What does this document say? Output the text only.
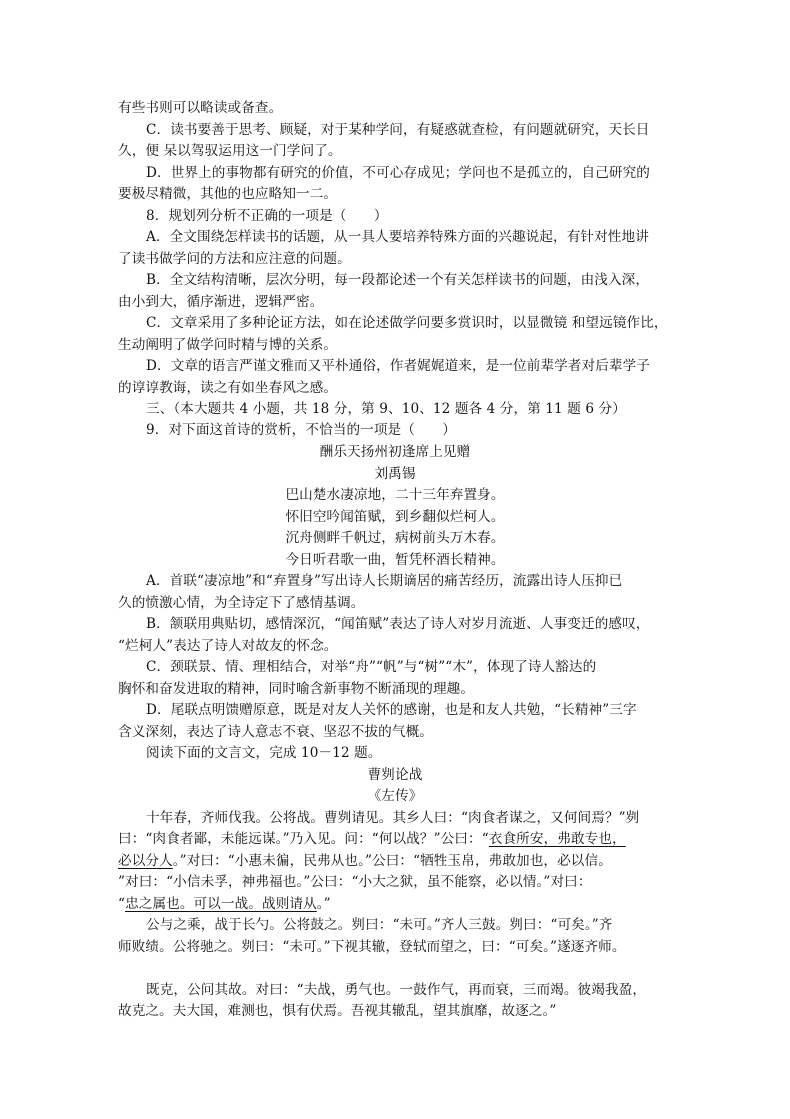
有些书则可以略读或备查。

C．读书要善于思考、顾疑，对于某种学问，有疑惑就查检，有问题就研究，天长日

久，便 呆以驾驭运用这一门学问了。

D．世界上的事物都有研究的价值，不可心存成见；学问也不是孤立的，自己研究的

要极尽精微，其他的也应略知一二。

8．规划列分析不正确的一项是（　　）

A．全文围绕怎样读书的话题，从一具人要培养特殊方面的兴趣说起，有针对性地讲

了读书做学问的方法和应注意的问题。

B．全文结构清晰，层次分明，每一段都论述一个有关怎样读书的问题，由浅入深，

由小到大，循序渐进，逻辑严密。

C．文章采用了多种论证方法，如在论述做学问要多赏识时，以显微镜 和望远镜作比，

生动阐明了做学问时精与博的关系。

D．文章的语言严谨文雅而又平朴通俗，作者娓娓道来，是一位前辈学者对后辈学子

的谆谆教诲，读之有如坐春风之感。

三、（本大题共 4 小题，共 18 分，第 9、10、12 题各 4 分，第 11 题 6 分）

9．对下面这首诗的赏析，不恰当的一项是（　　）

酬乐天扬州初逢席上见赠

刘禹锡

巴山楚水凄凉地，二十三年弃置身。

怀旧空吟闻笛赋，到乡翻似烂柯人。

沉舟侧畔千帆过，病树前头万木春。

今日听君歌一曲，暂凭杯酒长精神。

A．首联“凄凉地”和“弃置身”写出诗人长期谪居的痛苦经历，流露出诗人压抑已

久的愤激心情，为全诗定下了感情基调。

B．颔联用典贴切，感情深沉，“闻笛赋”表达了诗人对岁月流逝、人事变迁的感叹，

“烂柯人”表达了诗人对故友的怀念。

C．颈联景、情、理相结合，对举“舟”“帆”与“树”“木”，体现了诗人豁达的

胸怀和奋发进取的精神，同时喻含新事物不断涌现的理趣。

D．尾联点明馈赠原意，既是对友人关怀的感谢，也是和友人共勉，“长精神”三字

含义深刻，表达了诗人意志不衰、坚忍不拔的气概。

阅读下面的文言文，完成 10－12 题。

曹刿论战

《左传》

十年春，齐师伐我。公将战。曹刿请见。其乡人曰：“肉食者谋之，又何间焉？”刿

曰：“肉食者鄙，未能远谋。”乃入见。问：“何以战？”公曰：“衣食所安，弗敢专也，

必以分人。”对曰：“小惠未徧，民弗从也。”公曰：“牺牲玉帛，弗敢加也，必以信。

”对曰：“小信未孚，神弗福也。”公曰：“小大之狱，虽不能察，必以情。”对曰：

“忠之属也。可以一战。战则请从。”

公与之乘，战于长勺。公将鼓之。刿曰：“未可。”齐人三鼓。刿曰：“可矣。”齐

师败绩。公将驰之。刿曰：“未可。”下视其辙，登轼而望之，曰：“可矣。”遂逐齐师。

既克，公问其故。对曰：“夫战，勇气也。一鼓作气，再而衰，三而竭。彼竭我盈，

故克之。夫大国，难测也，惧有伏焉。吾视其辙乱，望其旗靡，故逐之。”
